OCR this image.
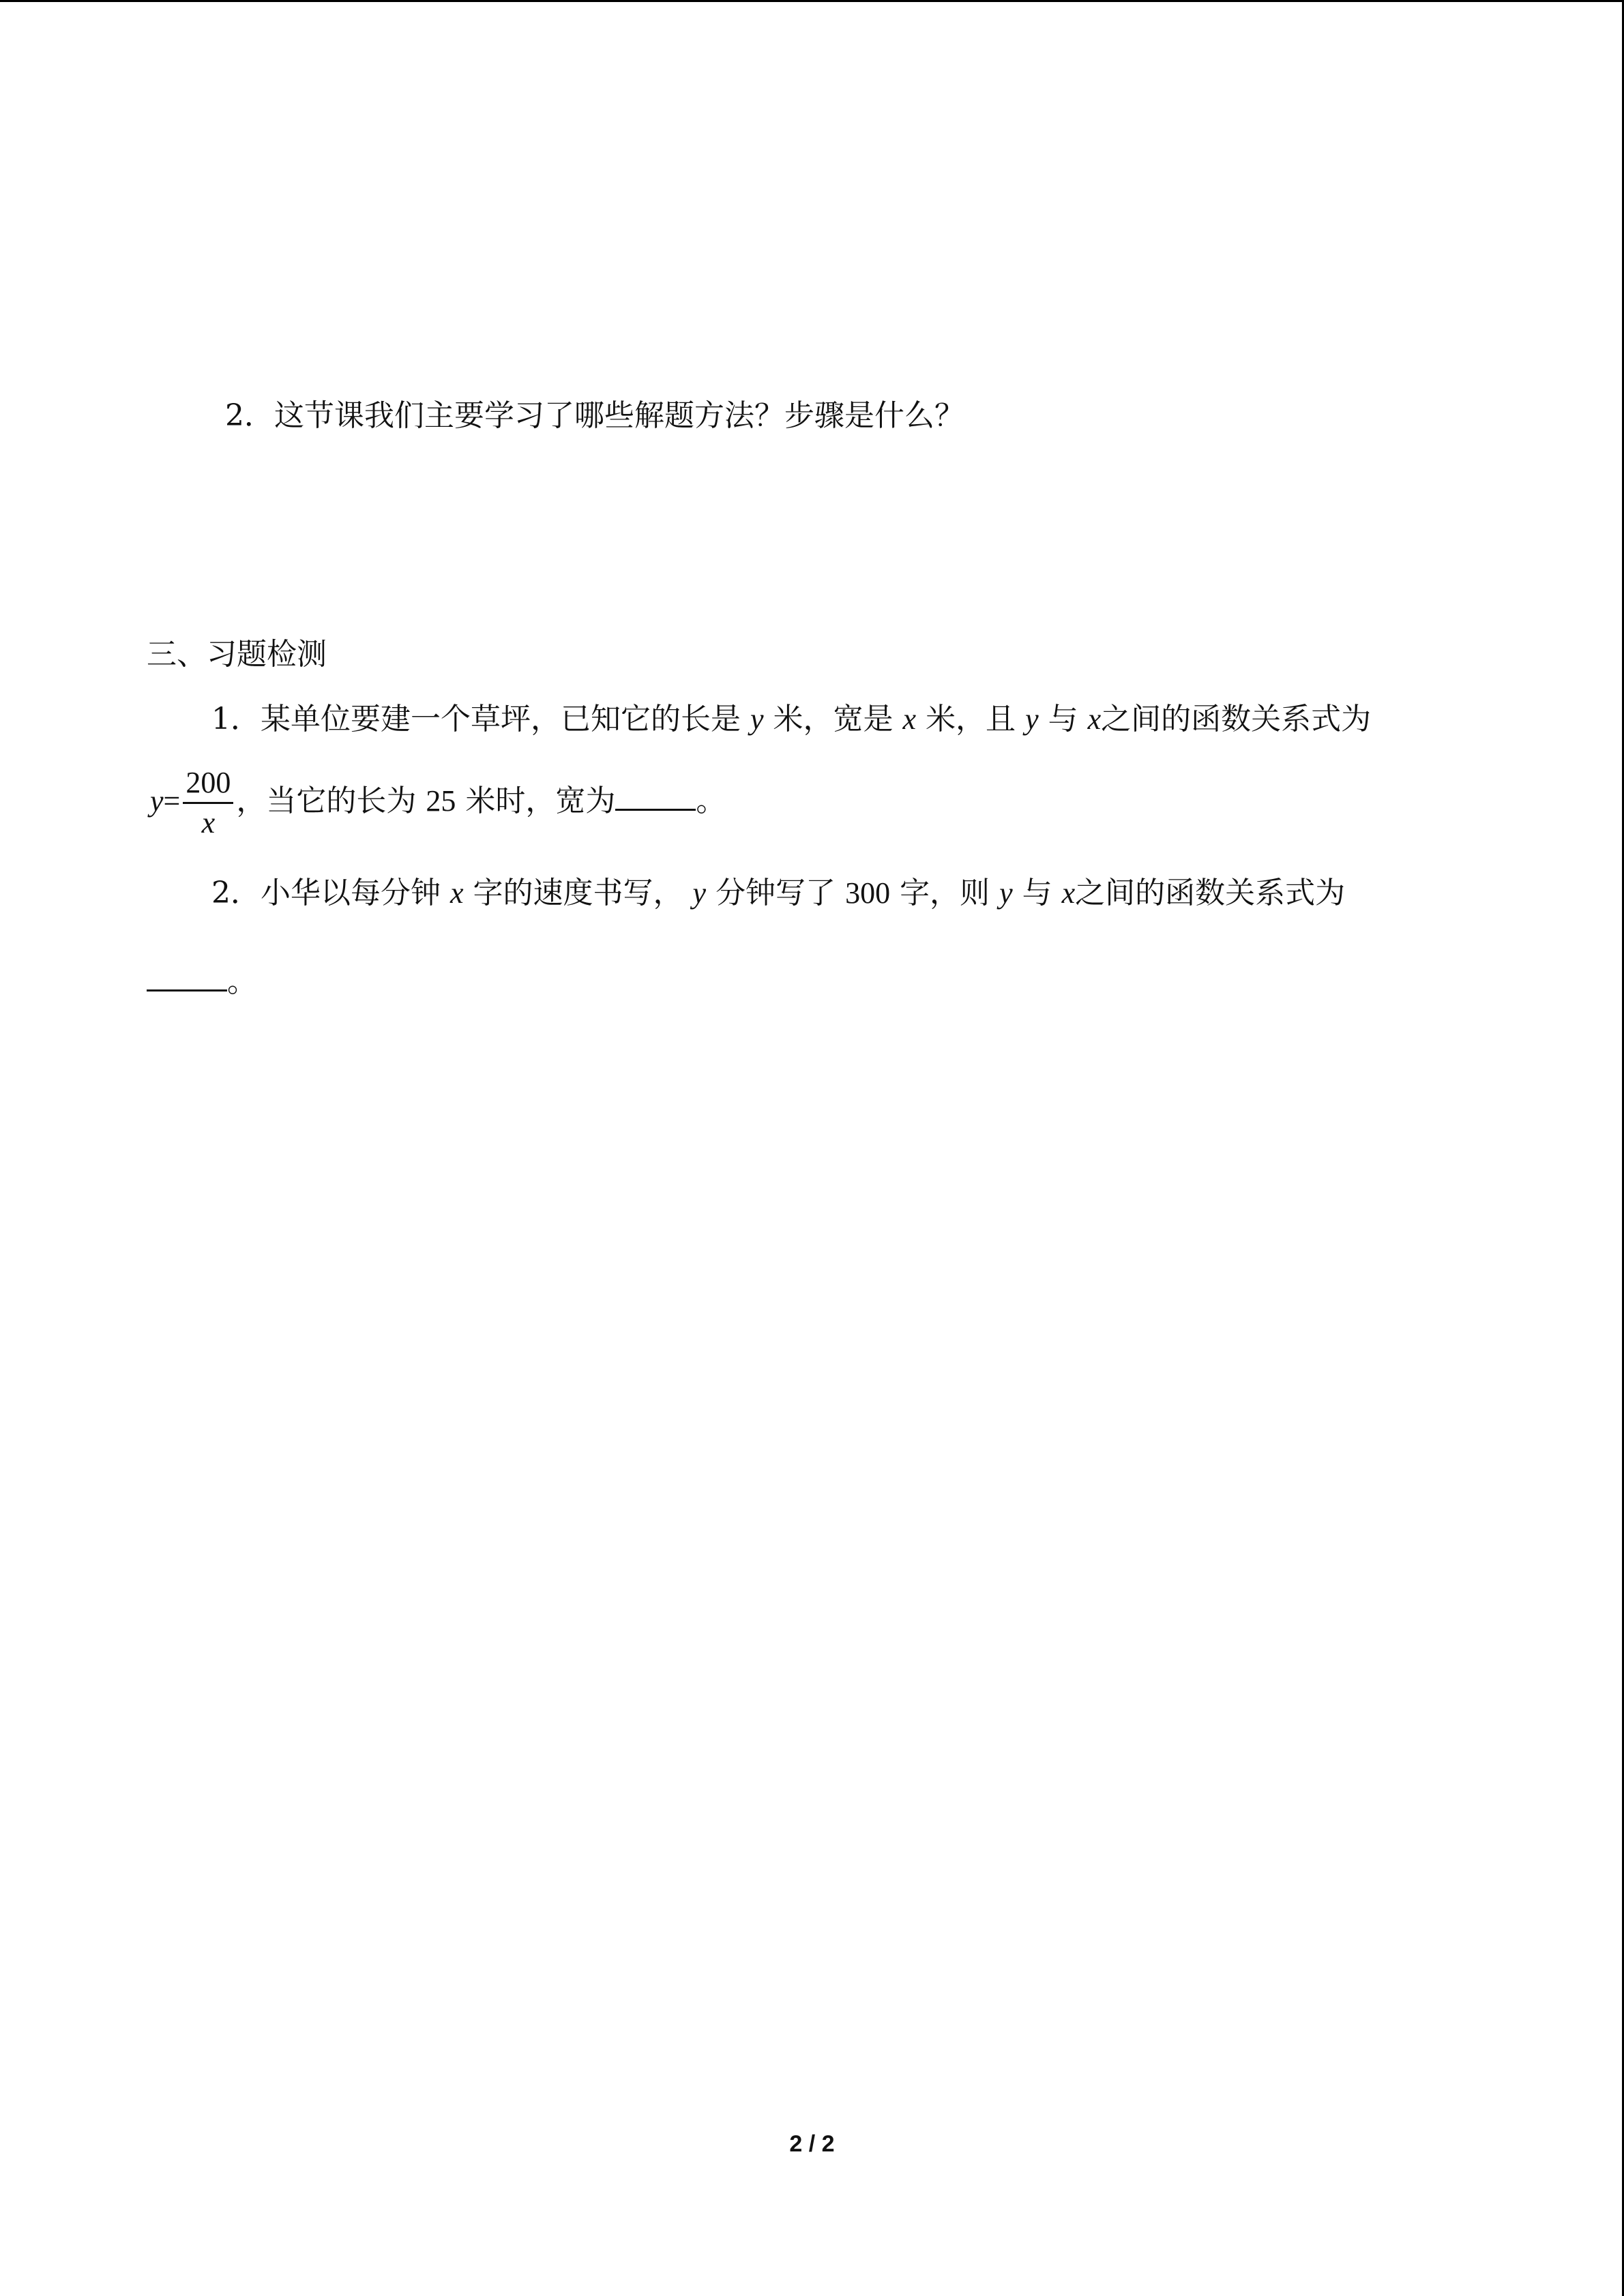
2．这节课我们主要学习了哪些解题方法？步骤是什么？
三、习题检测
1．某单位要建一个草坪，已知它的长是 y 米，宽是 x 米，且 y 与 x之间的函数关系式为
$y= \frac{200}{x}$ ，当它的长为 25 米时，宽为	。
2．小华以每分钟 x 字的速度书写， y 分钟写了 300 字，则 y 与 x之间的函数关系式为
。
2 / 2
